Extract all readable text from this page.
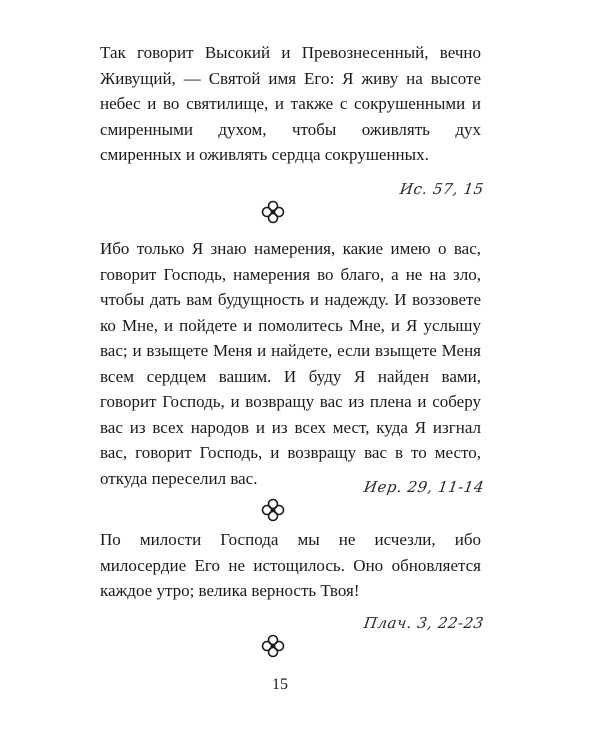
Так говорит Высокий и Превознесенный, вечно Живущий, — Святой имя Его: Я живу на высоте небес и во святилище, и также с сокрушенными и смиренными духом, чтобы оживлять дух смиренных и оживлять сердца сокрушенных.

Ис. 57, 15

Ибо только Я знаю намерения, какие имею о вас, говорит Господь, намерения во благо, а не на зло, чтобы дать вам будущность и надежду. И воззовете ко Мне, и пойдете и помолитесь Мне, и Я услышу вас; и взыщете Меня и найдете, если взыщете Меня всем сердцем вашим. И буду Я найден вами, говорит Господь, и возвращу вас из плена и соберу вас из всех народов и из всех мест, куда Я изгнал вас, говорит Господь, и возвращу вас в то место, откуда переселил вас.	Иер. 29, 11-14

По милости Господа мы не исчезли, ибо милосердие Его не истощилось. Оно обновляется каждое утро; велика верность Твоя!

Плач. 3, 22-23
15
